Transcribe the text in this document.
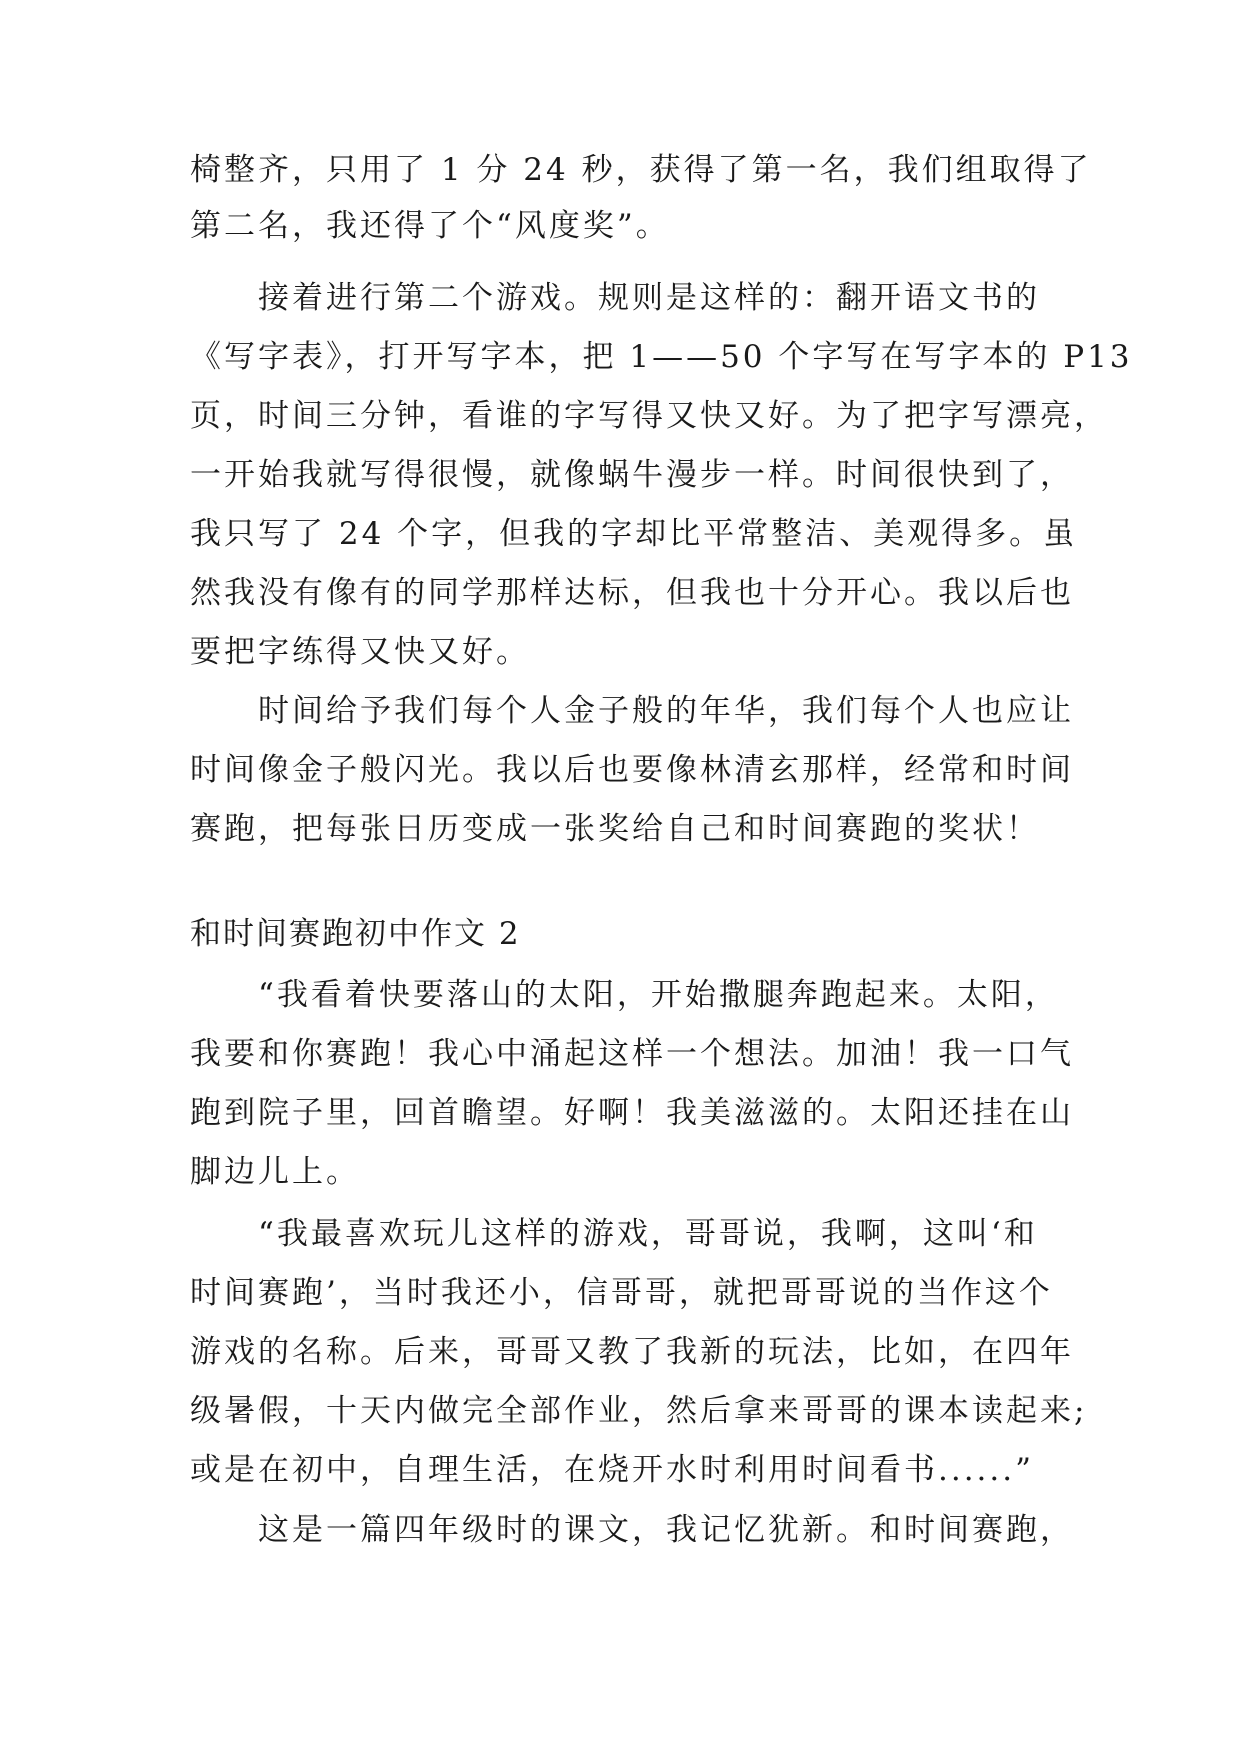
椅整齐，只用了 1 分 24 秒，获得了第一名，我们组取得了
第二名，我还得了个“风度奖”。
接着进行第二个游戏。规则是这样的：翻开语文书的
《写字表》，打开写字本，把 1——50 个字写在写字本的 P13
页，时间三分钟，看谁的字写得又快又好。为了把字写漂亮，
一开始我就写得很慢，就像蜗牛漫步一样。时间很快到了，
我只写了 24 个字，但我的字却比平常整洁、美观得多。虽
然我没有像有的同学那样达标，但我也十分开心。我以后也
要把字练得又快又好。
时间给予我们每个人金子般的年华，我们每个人也应让
时间像金子般闪光。我以后也要像林清玄那样，经常和时间
赛跑，把每张日历变成一张奖给自己和时间赛跑的奖状！
和时间赛跑初中作文 2
“我看着快要落山的太阳，开始撒腿奔跑起来。太阳，
我要和你赛跑！我心中涌起这样一个想法。加油！我一口气
跑到院子里，回首瞻望。好啊！我美滋滋的。太阳还挂在山
脚边儿上。
“我最喜欢玩儿这样的游戏，哥哥说，我啊，这叫‘和
时间赛跑’，当时我还小，信哥哥，就把哥哥说的当作这个
游戏的名称。后来，哥哥又教了我新的玩法，比如，在四年
级暑假，十天内做完全部作业，然后拿来哥哥的课本读起来;
或是在初中，自理生活，在烧开水时利用时间看书......”
这是一篇四年级时的课文，我记忆犹新。和时间赛跑，
